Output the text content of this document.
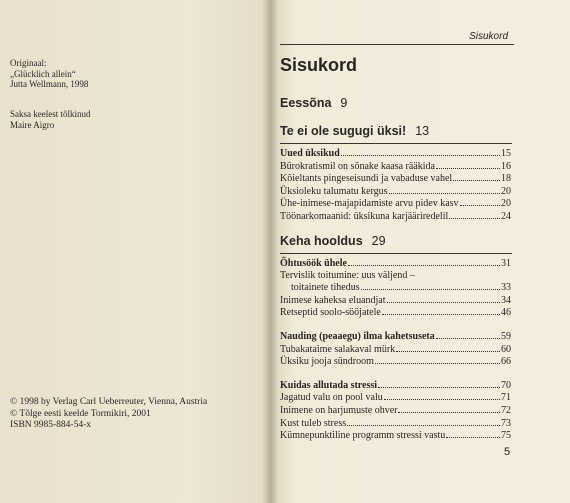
Originaal:
„Glücklich allein“
Jutta Wellmann, 1998
Saksa keelest tõlkinud
Maire Aigro
© 1998 by Verlag Carl Ueberreuter, Vienna, Austria
© Tõlge eesti keelde Tormikiri, 2001
ISBN 9985-884-54-x
Sisukord
Sisukord
Eessõna 9
Te ei ole sugugi üksi! 13
Uued üksikud	15
Bürokratismil on sõnake kaasa rääkida	16
Kõieltants pingeseisundi ja vabaduse vahel	18
Üksioleku talumatu kergus	20
Ühe-inimese-majapidamiste arvu pidev kasv	20
Töönarkomaanid: üksikuna karjääriredelil	24
Keha hooldus 29
Õhtusöök ühele	31
Tervislik toitumine: uus väljend –
toitainete tihedus	33
Inimese kaheksa eluandjat	34
Retseptid soolo-sööjatele	46
Nauding (peaaegu) ilma kahetsuseta	59
Tubakataime salakaval mürk	60
Üksiku jooja sündroom	66
Kuidas allutada stressi	70
Jagatud valu on pool valu	71
Inimene on harjumuste ohver	72
Kust tuleb stress	73
Kümnepunktiline programm stressi vastu	75
5
